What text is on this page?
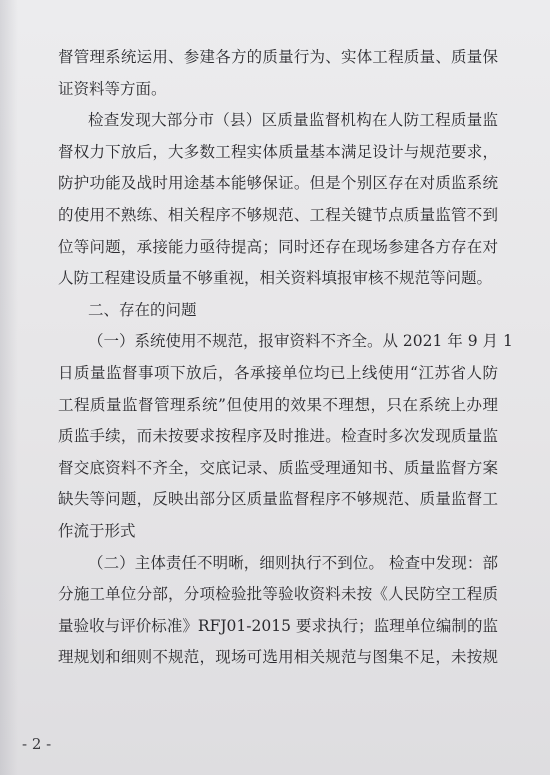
督管理系统运用、参建各方的质量行为、实体工程质量、质量保
证资料等方面。
检查发现大部分市（县）区质量监督机构在人防工程质量监
督权力下放后，大多数工程实体质量基本满足设计与规范要求，
防护功能及战时用途基本能够保证。但是个别区存在对质监系统
的使用不熟练、相关程序不够规范、工程关键节点质量监管不到
位等问题，承接能力亟待提高；同时还存在现场参建各方存在对
人防工程建设质量不够重视，相关资料填报审核不规范等问题。
二、存在的问题
（一）系统使用不规范，报审资料不齐全。从 2021 年 9 月 1
日质量监督事项下放后，各承接单位均已上线使用“江苏省人防
工程质量监督管理系统”但使用的效果不理想，只在系统上办理
质监手续，而未按要求按程序及时推进。检查时多次发现质量监
督交底资料不齐全，交底记录、质监受理通知书、质量监督方案
缺失等问题，反映出部分区质量监督程序不够规范、质量监督工
作流于形式
（二）主体责任不明晰，细则执行不到位。 检查中发现：部
分施工单位分部，分项检验批等验收资料未按《人民防空工程质
量验收与评价标准》RFJ01-2015 要求执行；监理单位编制的监
理规划和细则不规范，现场可选用相关规范与图集不足，未按规
- 2 -
